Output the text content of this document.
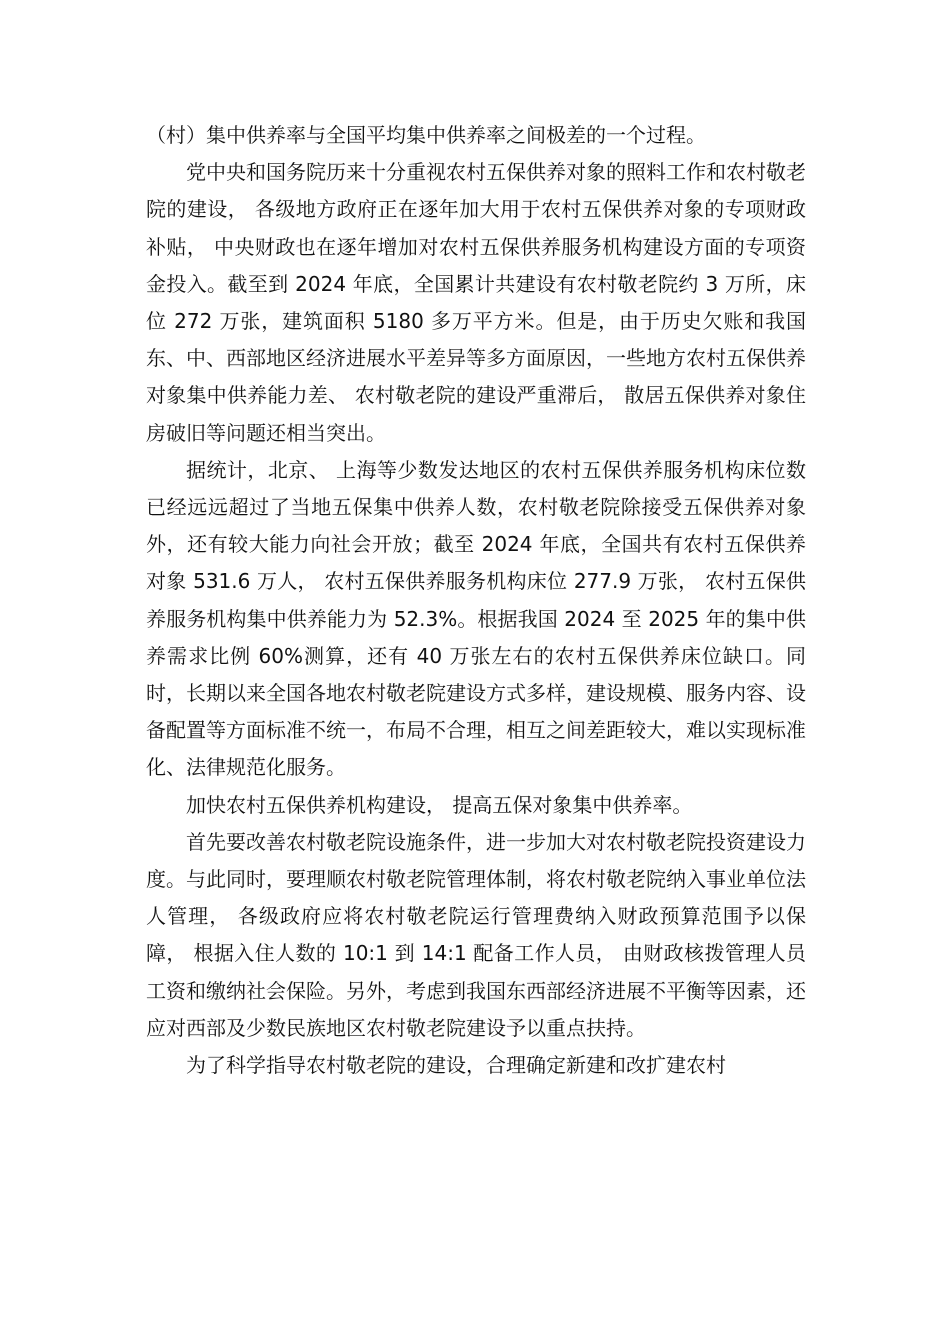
（村）集中供养率与全国平均集中供养率之间极差的一个过程。

党中央和国务院历来十分重视农村五保供养对象的照料工作和农村敬老院的建设， 各级地方政府正在逐年加大用于农村五保供养对象的专项财政补贴， 中央财政也在逐年增加对农村五保供养服务机构建设方面的专项资金投入。截至到 2024 年底，全国累计共建设有农村敬老院约 3 万所，床位 272 万张，建筑面积 5180 多万平方米。但是，由于历史欠账和我国东、中、西部地区经济进展水平差异等多方面原因，一些地方农村五保供养对象集中供养能力差、 农村敬老院的建设严重滞后， 散居五保供养对象住房破旧等问题还相当突出。

据统计，北京、 上海等少数发达地区的农村五保供养服务机构床位数已经远远超过了当地五保集中供养人数，农村敬老院除接受五保供养对象外，还有较大能力向社会开放；截至 2024 年底，全国共有农村五保供养对象 531.6 万人， 农村五保供养服务机构床位 277.9 万张， 农村五保供养服务机构集中供养能力为 52.3%。根据我国 2024 至 2025 年的集中供养需求比例 60%测算，还有 40 万张左右的农村五保供养床位缺口。同时，长期以来全国各地农村敬老院建设方式多样，建设规模、服务内容、设备配置等方面标准不统一，布局不合理，相互之间差距较大，难以实现标准化、法律规范化服务。

加快农村五保供养机构建设， 提高五保对象集中供养率。

首先要改善农村敬老院设施条件，进一步加大对农村敬老院投资建设力度。与此同时，要理顺农村敬老院管理体制，将农村敬老院纳入事业单位法人管理， 各级政府应将农村敬老院运行管理费纳入财政预算范围予以保障， 根据入住人数的 10:1 到 14:1 配备工作人员， 由财政核拨管理人员工资和缴纳社会保险。另外，考虑到我国东西部经济进展不平衡等因素，还应对西部及少数民族地区农村敬老院建设予以重点扶持。

为了科学指导农村敬老院的建设，合理确定新建和改扩建农村
